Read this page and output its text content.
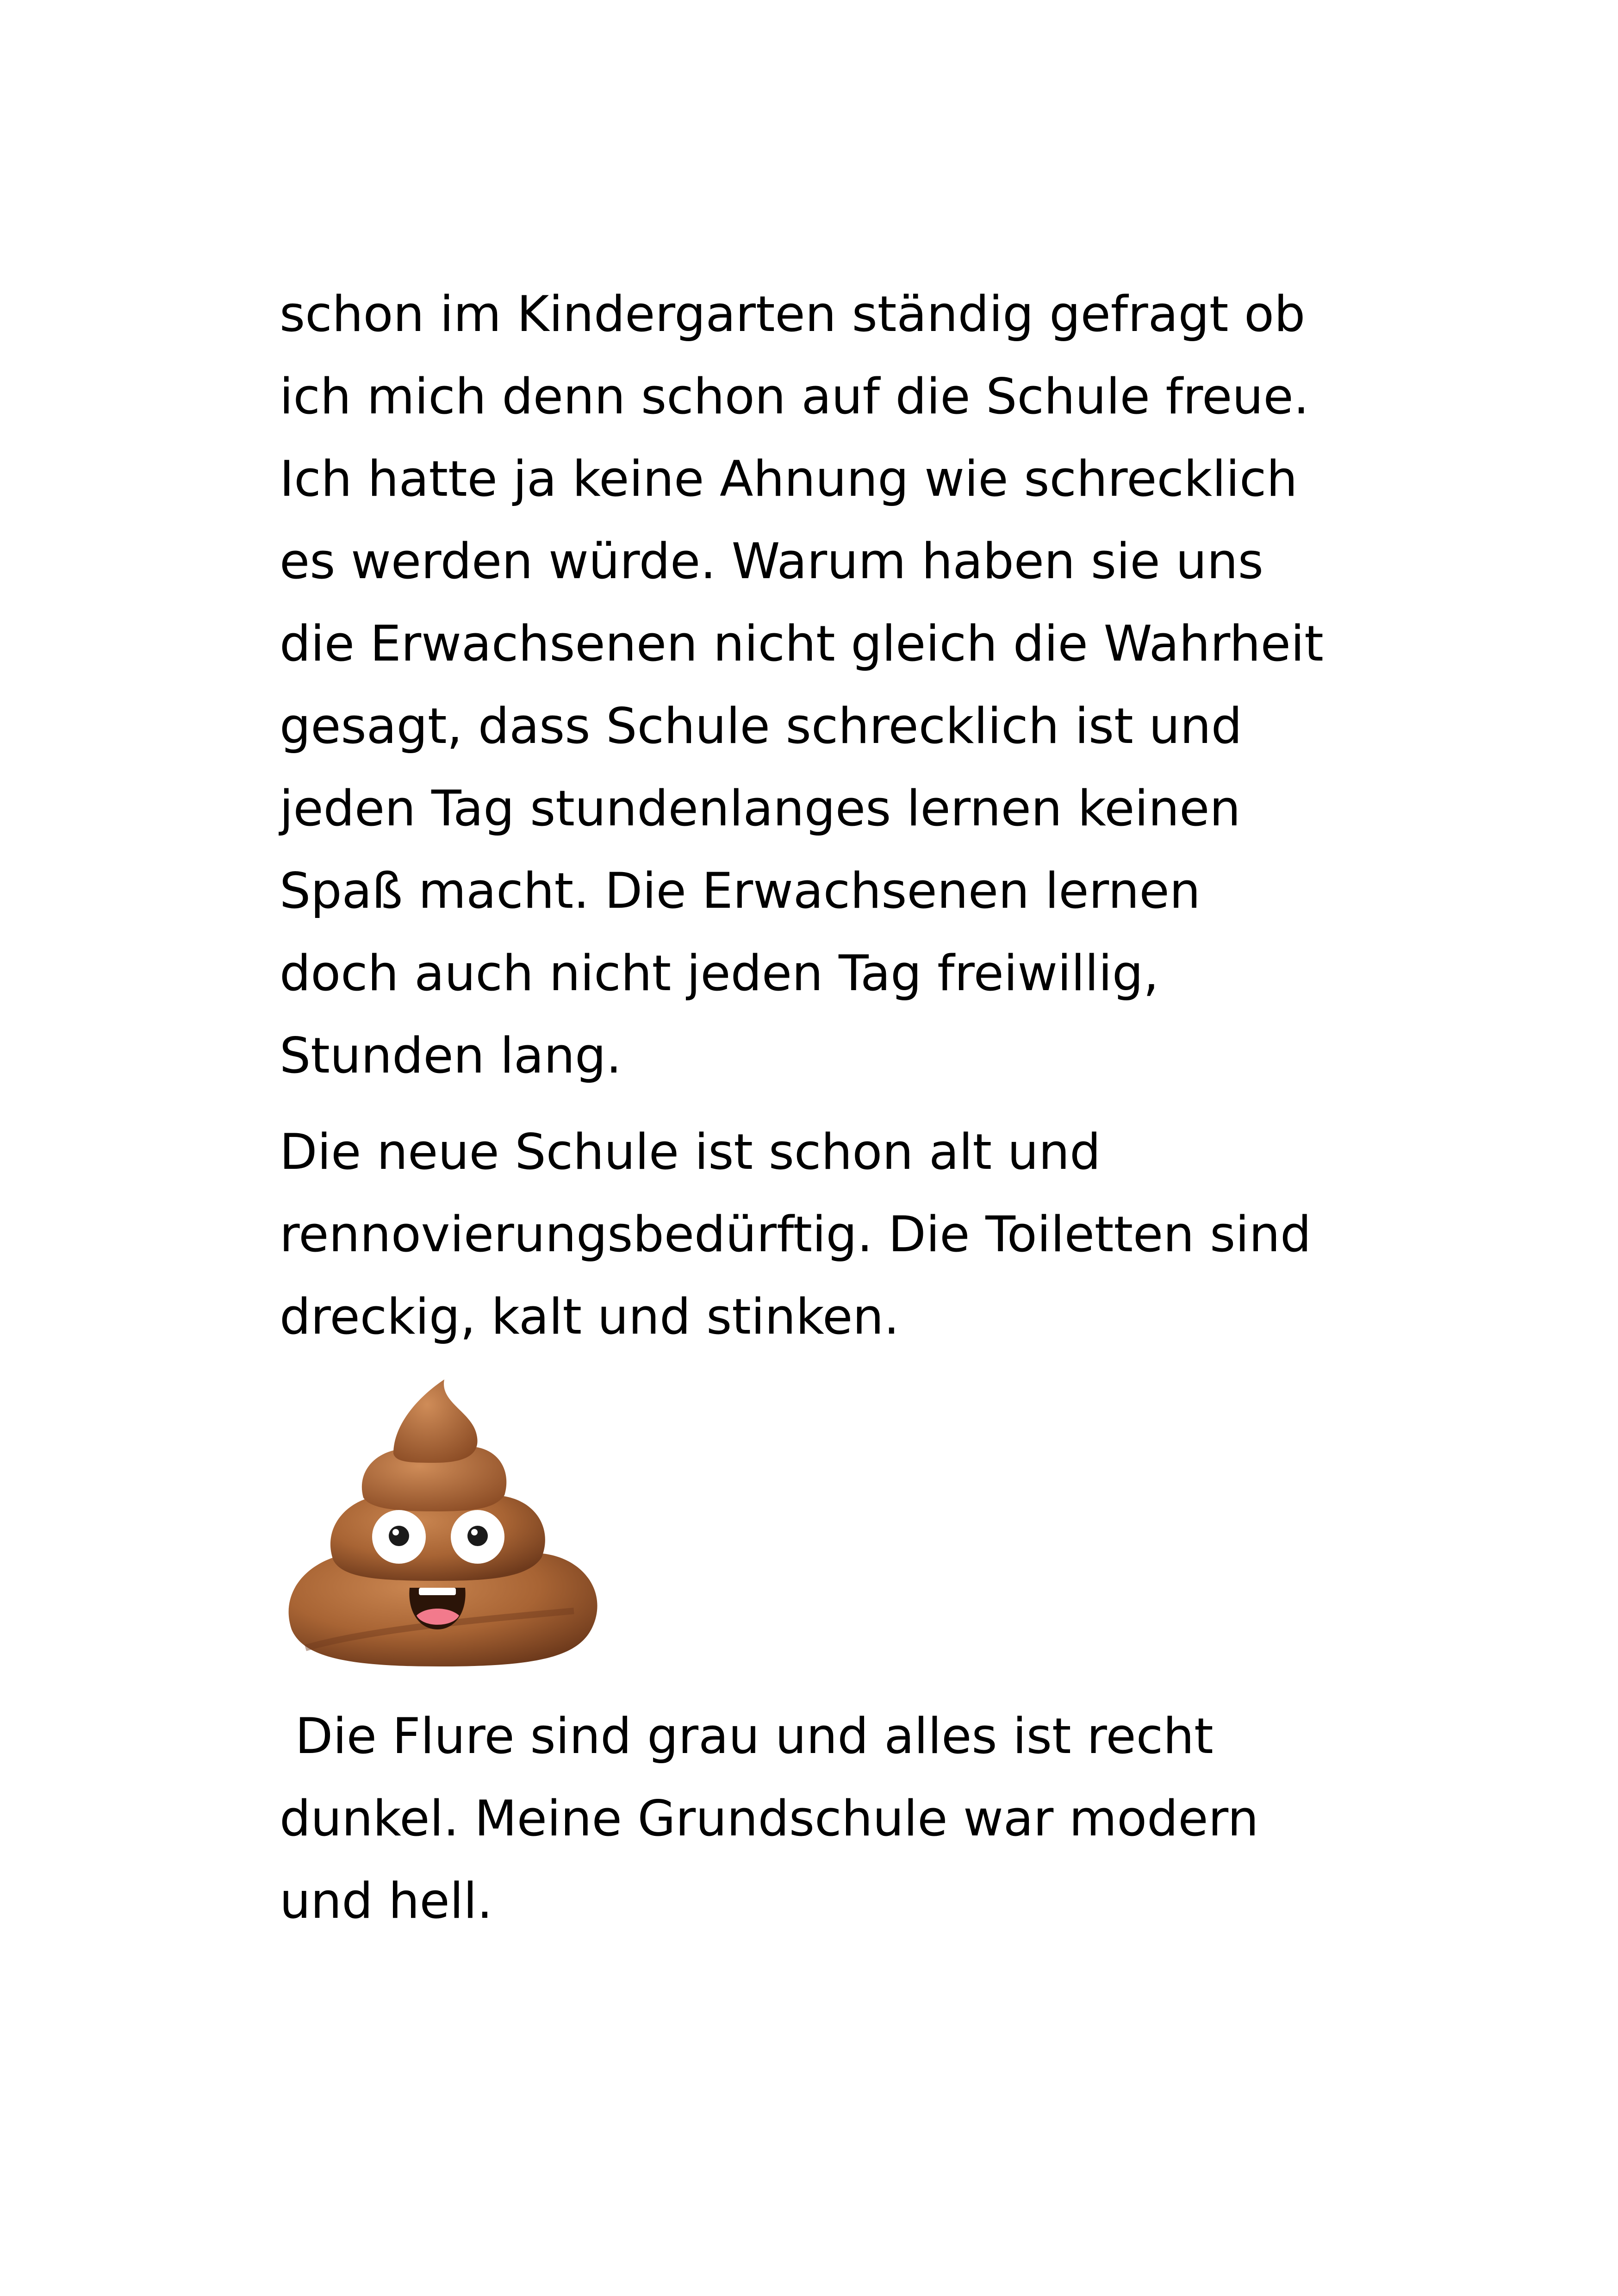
schon im Kindergarten ständig gefragt ob
ich mich denn schon auf die Schule freue.
Ich hatte ja keine Ahnung wie schrecklich
es werden würde. Warum haben sie uns
die Erwachsenen nicht gleich die Wahrheit
gesagt, dass Schule schrecklich ist und
jeden Tag stundenlanges lernen keinen
Spaß macht. Die Erwachsenen lernen
doch auch nicht jeden Tag freiwillig,
Stunden lang.
Die neue Schule ist schon alt und
rennovierungsbedürftig. Die Toiletten sind
dreckig, kalt und stinken.
Die Flure sind grau und alles ist recht
dunkel. Meine Grundschule war modern
und hell.
